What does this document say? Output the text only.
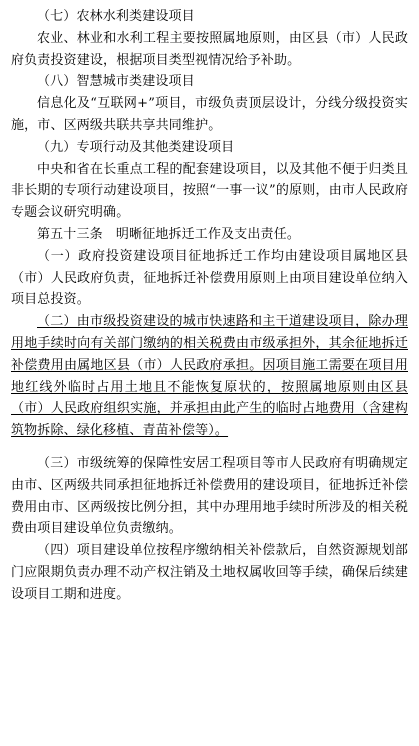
（七）农林水利类建设项目

农业、林业和水利工程主要按照属地原则，由区县（市）人民政府负责投资建设，根据项目类型视情况给予补助。

（八）智慧城市类建设项目

信息化及“互联网+”项目，市级负责顶层设计，分线分级投资实施，市、区两级共联共享共同维护。

（九）专项行动及其他类建设项目

中央和省在长重点工程的配套建设项目，以及其他不便于归类且非长期的专项行动建设项目，按照“一事一议”的原则，由市人民政府专题会议研究明确。

第五十三条　明晰征地拆迁工作及支出责任。

（一）政府投资建设项目征地拆迁工作均由建设项目属地区县（市）人民政府负责，征地拆迁补偿费用原则上由项目建设单位纳入项目总投资。

（二）由市级投资建设的城市快速路和主干道建设项目，除办理用地手续时向有关部门缴纳的相关税费由市级承担外，其余征地拆迁补偿费用由属地区县（市）人民政府承担。因项目施工需要在项目用地红线外临时占用土地且不能恢复原状的，按照属地原则由区县（市）人民政府组织实施，并承担由此产生的临时占地费用（含建构筑物拆除、绿化移植、青苗补偿等）。

（三）市级统筹的保障性安居工程项目等市人民政府有明确规定由市、区两级共同承担征地拆迁补偿费用的建设项目，征地拆迁补偿费用由市、区两级按比例分担，其中办理用地手续时所涉及的相关税费由项目建设单位负责缴纳。

（四）项目建设单位按程序缴纳相关补偿款后，自然资源规划部门应限期负责办理不动产权注销及土地权属收回等手续，确保后续建设项目工期和进度。
